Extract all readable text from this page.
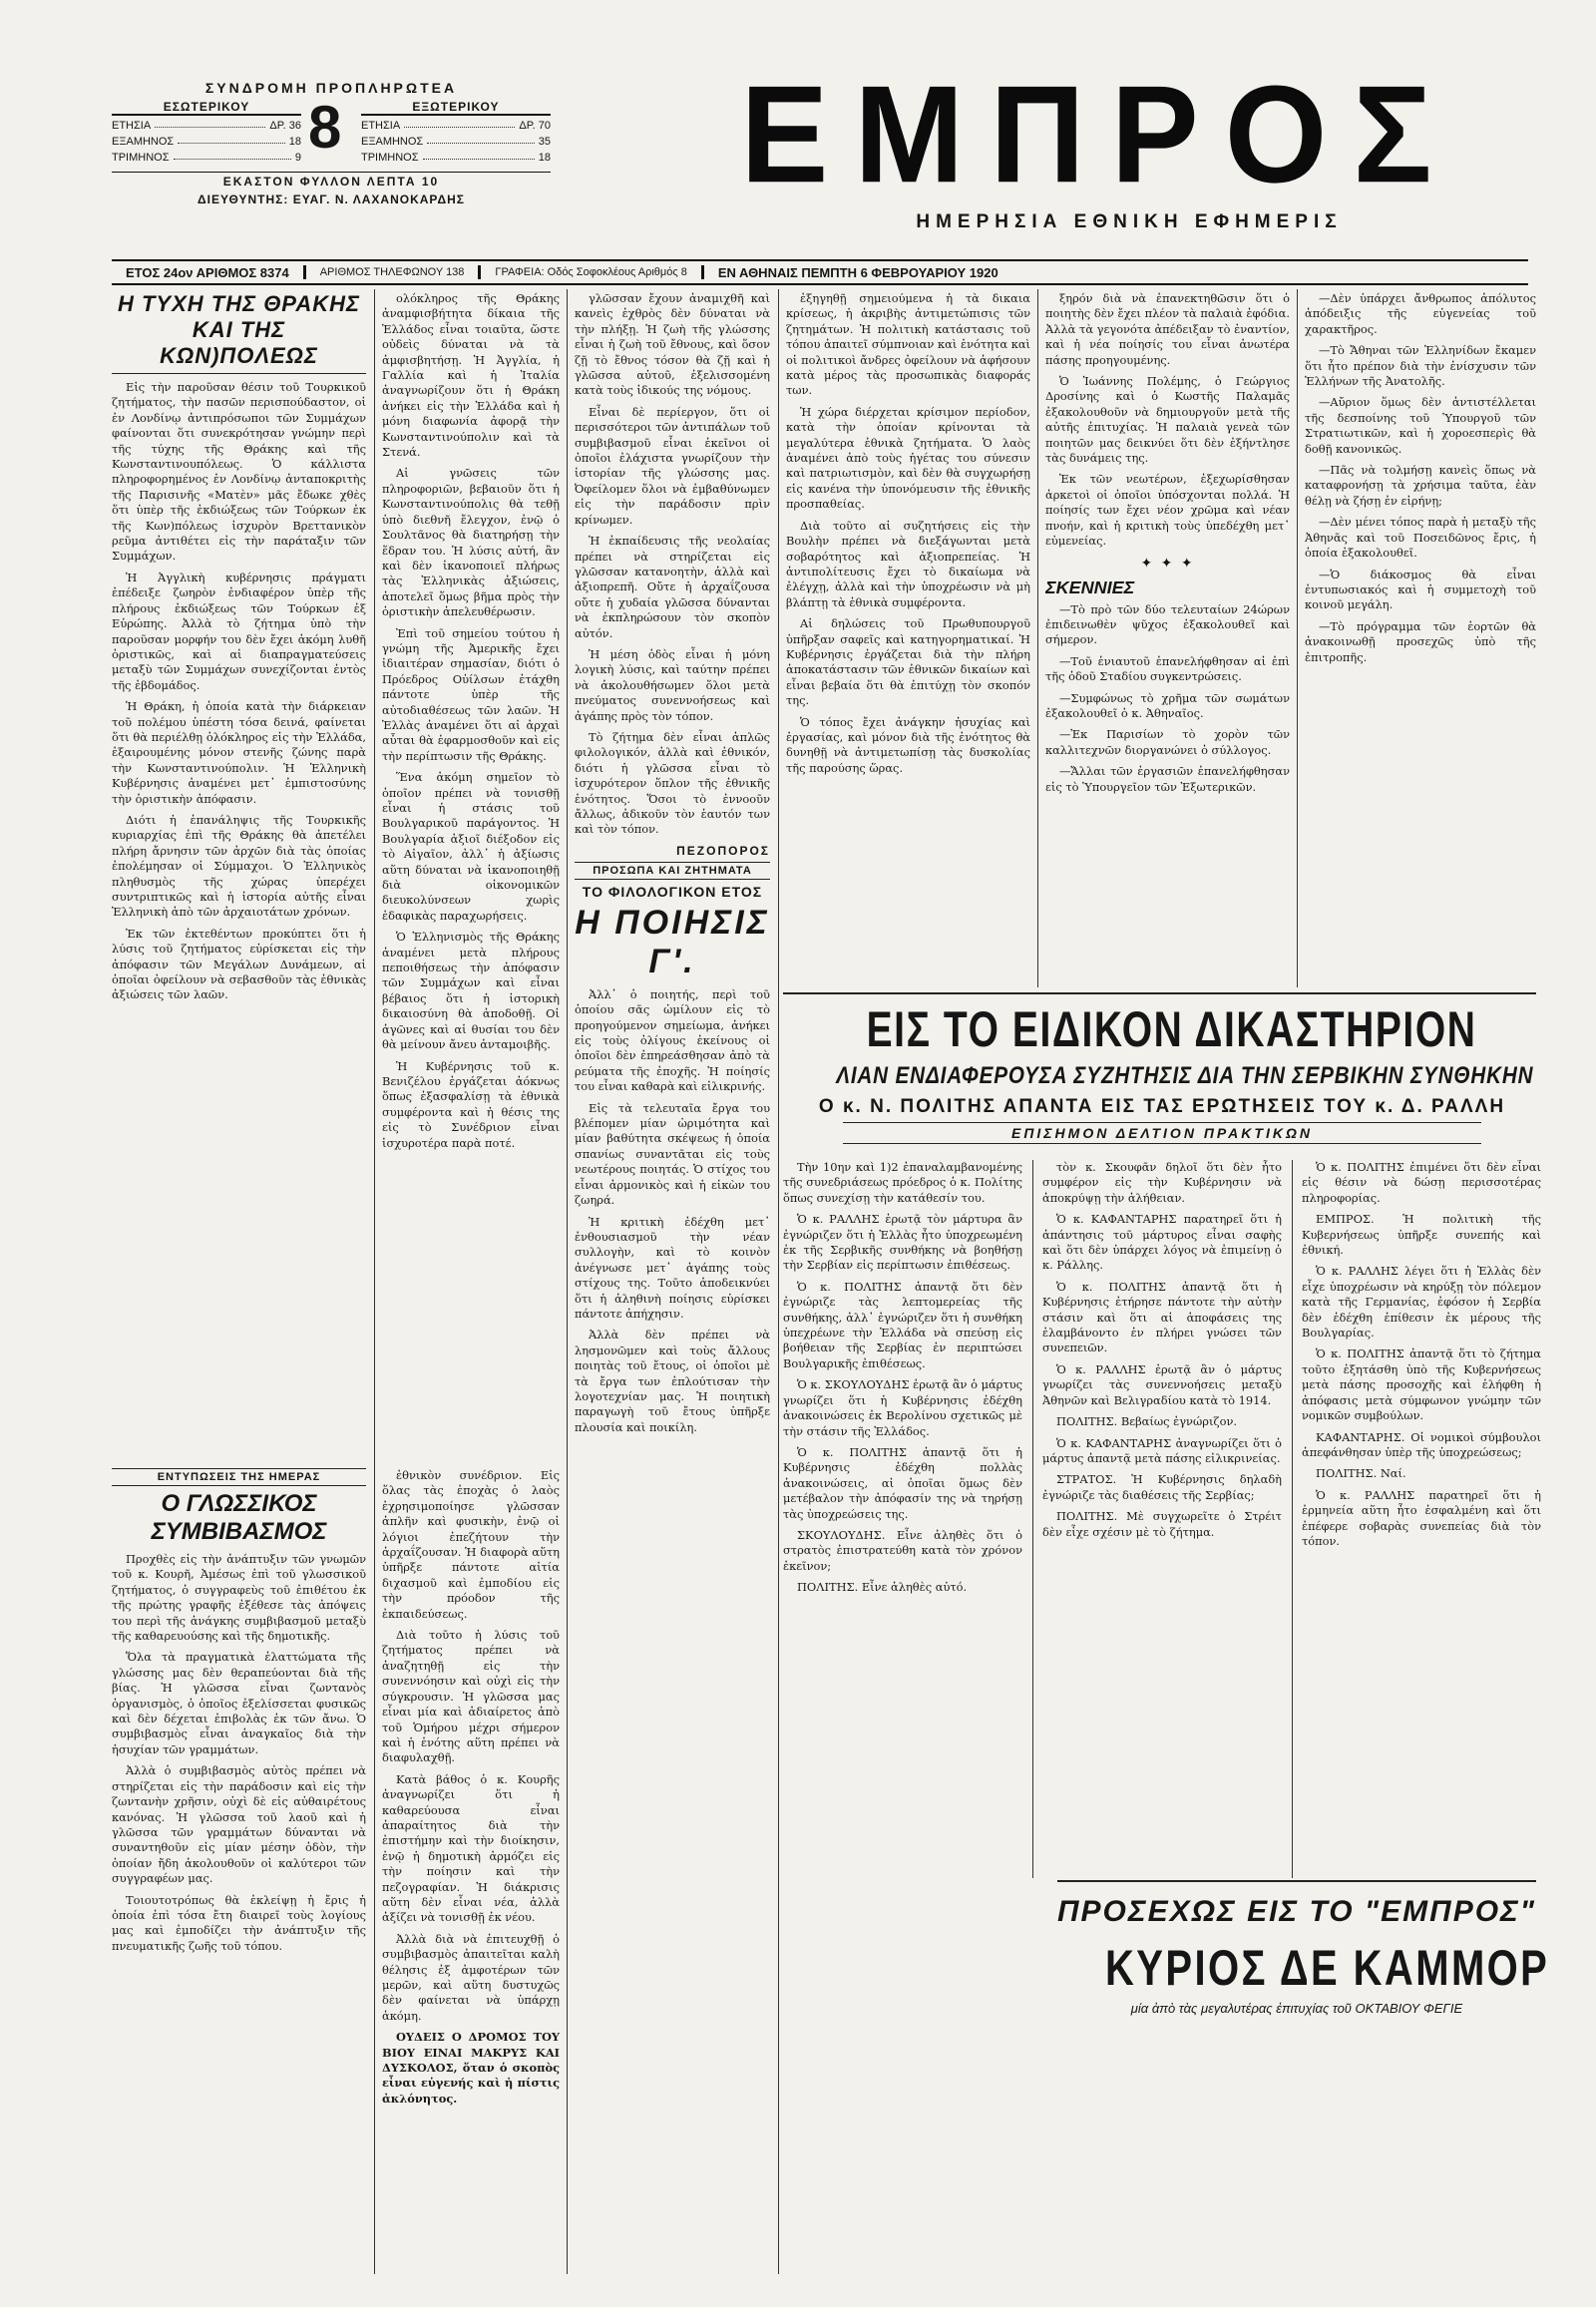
ΣΥΝΔΡΟΜΗ ΠΡΟΠΛΗΡΩΤΕΑ
ΕΣΩΤΕΡΙΚΟΥ
ΕΤΗΣΙΑ	ΔΡ. 36
ΕΞΑΜΗΝΟΣ	18
ΤΡΙΜΗΝΟΣ	9
ΕΞΩΤΕΡΙΚΟΥ
ΕΤΗΣΙΑ	ΔΡ. 70
ΕΞΑΜΗΝΟΣ	35
ΤΡΙΜΗΝΟΣ	18
8
ΕΚΑΣΤΟΝ ΦΥΛΛΟΝ ΛΕΠΤΑ 10
ΔΙΕΥΘΥΝΤΗΣ: ΕΥΑΓ. Ν. ΛΑΧΑΝΟΚΑΡΔΗΣ	ΕΜΠΡΟΣ
ΗΜΕΡΗΣΙΑ ΕΘΝΙΚΗ ΕΦΗΜΕΡΙΣ
ΕΤΟΣ 24ον ΑΡΙΘΜΟΣ 8374	ΑΡΙΘΜΟΣ ΤΗΛΕΦΩΝΟΥ 138	ΓΡΑΦΕΙΑ: Οδός Σοφοκλέους Αριθμός 8	ΕΝ ΑΘΗΝΑΙΣ ΠΕΜΠΤΗ 6 ΦΕΒΡΟΥΑΡΙΟΥ 1920
Η ΤΥΧΗ ΤΗΣ ΘΡΑΚΗΣ ΚΑΙ ΤΗΣ ΚΩΝ)ΠΟΛΕΩΣ

Εἰς τὴν παροῦσαν θέσιν τοῦ Τουρκικοῦ ζητήματος, τὴν πασῶν περισπούδαστον, οἱ ἐν Λονδίνῳ ἀντιπρόσωποι τῶν Συμμάχων φαίνονται ὅτι συνεκρότησαν γνώμην περὶ τῆς τύχης τῆς Θράκης καὶ τῆς Κωνσταντινουπόλεως. Ὁ κάλλιστα πληροφορημένος ἐν Λονδίνῳ ἀνταποκριτὴς τῆς Παρισινῆς «Ματὲν» μᾶς ἔδωκε χθὲς ὅτι ὑπὲρ τῆς ἐκδιώξεως τῶν Τούρκων ἐκ τῆς Κων)πόλεως ἰσχυρὸν Βρεττανικὸν ρεῦμα ἀντιθέτει εἰς τὴν παράταξιν τῶν Συμμάχων.

Ἡ Ἀγγλικὴ κυβέρνησις πράγματι ἐπέδειξε ζωηρὸν ἐνδιαφέρον ὑπὲρ τῆς πλήρους ἐκδιώξεως τῶν Τούρκων ἐξ Εὐρώπης. Ἀλλὰ τὸ ζήτημα ὑπὸ τὴν παροῦσαν μορφήν του δὲν ἔχει ἀκόμη λυθῆ ὁριστικῶς, καὶ αἱ διαπραγματεύσεις μεταξὺ τῶν Συμμάχων συνεχίζονται ἐντὸς τῆς ἑβδομάδος.

Ἡ Θράκη, ἡ ὁποία κατὰ τὴν διάρκειαν τοῦ πολέμου ὑπέστη τόσα δεινά, φαίνεται ὅτι θὰ περιέλθῃ ὁλόκληρος εἰς τὴν Ἑλλάδα, ἐξαιρουμένης μόνον στενῆς ζώνης παρὰ τὴν Κωνσταντινούπολιν. Ἡ Ἑλληνικὴ Κυβέρνησις ἀναμένει μετ᾽ ἐμπιστοσύνης τὴν ὁριστικὴν ἀπόφασιν.

Διότι ἡ ἐπανάληψις τῆς Τουρκικῆς κυριαρχίας ἐπὶ τῆς Θράκης θὰ ἀπετέλει πλήρη ἄρνησιν τῶν ἀρχῶν διὰ τὰς ὁποίας ἐπολέμησαν οἱ Σύμμαχοι. Ὁ Ἑλληνικὸς πληθυσμὸς τῆς χώρας ὑπερέχει συντριπτικῶς καὶ ἡ ἱστορία αὐτῆς εἶναι Ἑλληνικὴ ἀπὸ τῶν ἀρχαιοτάτων χρόνων.

Ἐκ τῶν ἐκτεθέντων προκύπτει ὅτι ἡ λύσις τοῦ ζητήματος εὑρίσκεται εἰς τὴν ἀπόφασιν τῶν Μεγάλων Δυνάμεων, αἱ ὁποῖαι ὀφείλουν νὰ σεβασθοῦν τὰς ἐθνικὰς ἀξιώσεις τῶν λαῶν.

ΕΝΤΥΠΩΣΕΙΣ ΤΗΣ ΗΜΕΡΑΣ
Ο ΓΛΩΣΣΙΚΟΣ ΣΥΜΒΙΒΑΣΜΟΣ

Προχθὲς εἰς τὴν ἀνάπτυξιν τῶν γνωμῶν τοῦ κ. Κουρῆ, Ἀμέσως ἐπὶ τοῦ γλωσσικοῦ ζητήματος, ὁ συγγραφεὺς τοῦ ἐπιθέτου ἐκ τῆς πρώτης γραφῆς ἐξέθεσε τὰς ἀπόψεις του περὶ τῆς ἀνάγκης συμβιβασμοῦ μεταξὺ τῆς καθαρευούσης καὶ τῆς δημοτικῆς.

Ὅλα τὰ πραγματικὰ ἐλαττώματα τῆς γλώσσης μας δὲν θεραπεύονται διὰ τῆς βίας. Ἡ γλῶσσα εἶναι ζωντανὸς ὀργανισμὸς, ὁ ὁποῖος ἐξελίσσεται φυσικῶς καὶ δὲν δέχεται ἐπιβολὰς ἐκ τῶν ἄνω. Ὁ συμβιβασμὸς εἶναι ἀναγκαῖος διὰ τὴν ἡσυχίαν τῶν γραμμάτων.

Ἀλλὰ ὁ συμβιβασμὸς αὐτὸς πρέπει νὰ στηρίζεται εἰς τὴν παράδοσιν καὶ εἰς τὴν ζωντανὴν χρῆσιν, οὐχὶ δὲ εἰς αὐθαιρέτους κανόνας. Ἡ γλῶσσα τοῦ λαοῦ καὶ ἡ γλῶσσα τῶν γραμμάτων δύνανται νὰ συναντηθοῦν εἰς μίαν μέσην ὁδὸν, τὴν ὁποίαν ἤδη ἀκολουθοῦν οἱ καλύτεροι τῶν συγγραφέων μας.

Τοιουτοτρόπως θὰ ἐκλείψῃ ἡ ἔρις ἡ ὁποία ἐπὶ τόσα ἔτη διαιρεῖ τοὺς λογίους μας καὶ ἐμποδίζει τὴν ἀνάπτυξιν τῆς πνευματικῆς ζωῆς τοῦ τόπου.

ολόκληρος τῆς Θράκης ἀναμφισβήτητα δίκαια τῆς Ἑλλάδος εἶναι τοιαῦτα, ὥστε οὐδεὶς δύναται νὰ τὰ ἀμφισβητήσῃ. Ἡ Ἀγγλία, ἡ Γαλλία καὶ ἡ Ἰταλία ἀναγνωρίζουν ὅτι ἡ Θράκη ἀνήκει εἰς τὴν Ἑλλάδα καὶ ἡ μόνη διαφωνία ἀφορᾷ τὴν Κωνσταντινούπολιν καὶ τὰ Στενά.

Αἱ γνῶσεις τῶν πληροφοριῶν, βεβαιοῦν ὅτι ἡ Κωνσταντινούπολις θὰ τεθῇ ὑπὸ διεθνῆ ἔλεγχον, ἐνῷ ὁ Σουλτᾶνος θὰ διατηρήσῃ τὴν ἕδραν του. Ἡ λύσις αὐτή, ἂν καὶ δὲν ἱκανοποιεῖ πλήρως τὰς Ἑλληνικὰς ἀξιώσεις, ἀποτελεῖ ὅμως βῆμα πρὸς τὴν ὁριστικὴν ἀπελευθέρωσιν.

Ἐπὶ τοῦ σημείου τούτου ἡ γνώμη τῆς Ἀμερικῆς ἔχει ἰδιαιτέραν σημασίαν, διότι ὁ Πρόεδρος Οὐίλσων ἐτάχθη πάντοτε ὑπὲρ τῆς αὐτοδιαθέσεως τῶν λαῶν. Ἡ Ἑλλὰς ἀναμένει ὅτι αἱ ἀρχαὶ αὗται θὰ ἐφαρμοσθοῦν καὶ εἰς τὴν περίπτωσιν τῆς Θράκης.

Ἕνα ἀκόμη σημεῖον τὸ ὁποῖον πρέπει νὰ τονισθῇ εἶναι ἡ στάσις τοῦ Βουλγαρικοῦ παράγοντος. Ἡ Βουλγαρία ἀξιοῖ διέξοδον εἰς τὸ Αἰγαῖον, ἀλλ᾽ ἡ ἀξίωσις αὕτη δύναται νὰ ἱκανοποιηθῇ διὰ οἰκονομικῶν διευκολύνσεων χωρὶς ἐδαφικὰς παραχωρήσεις.

Ὁ Ἑλληνισμὸς τῆς Θράκης ἀναμένει μετὰ πλήρους πεποιθήσεως τὴν ἀπόφασιν τῶν Συμμάχων καὶ εἶναι βέβαιος ὅτι ἡ ἱστορικὴ δικαιοσύνη θὰ ἀποδοθῇ. Οἱ ἀγῶνες καὶ αἱ θυσίαι του δὲν θὰ μείνουν ἄνευ ἀνταμοιβῆς.

Ἡ Κυβέρνησις τοῦ κ. Βενιζέλου ἐργάζεται ἀόκνως ὅπως ἐξασφαλίσῃ τὰ ἐθνικὰ συμφέροντα καὶ ἡ θέσις της εἰς τὸ Συνέδριον εἶναι ἰσχυροτέρα παρὰ ποτέ.

ἐθνικὸν συνέδριον. Εἰς ὅλας τὰς ἐποχὰς ὁ λαὸς ἐχρησιμοποίησε γλῶσσαν ἁπλῆν καὶ φυσικὴν, ἐνῷ οἱ λόγιοι ἐπεζήτουν τὴν ἀρχαΐζουσαν. Ἡ διαφορὰ αὕτη ὑπῆρξε πάντοτε αἰτία διχασμοῦ καὶ ἐμποδίου εἰς τὴν πρόοδον τῆς ἐκπαιδεύσεως.

Διὰ τοῦτο ἡ λύσις τοῦ ζητήματος πρέπει νὰ ἀναζητηθῇ εἰς τὴν συνεννόησιν καὶ οὐχὶ εἰς τὴν σύγκρουσιν. Ἡ γλῶσσα μας εἶναι μία καὶ ἀδιαίρετος ἀπὸ τοῦ Ὁμήρου μέχρι σήμερον καὶ ἡ ἑνότης αὕτη πρέπει νὰ διαφυλαχθῇ.

Κατὰ βάθος ὁ κ. Κουρῆς ἀναγνωρίζει ὅτι ἡ καθαρεύουσα εἶναι ἀπαραίτητος διὰ τὴν ἐπιστήμην καὶ τὴν διοίκησιν, ἐνῷ ἡ δημοτικὴ ἁρμόζει εἰς τὴν ποίησιν καὶ τὴν πεζογραφίαν. Ἡ διάκρισις αὕτη δὲν εἶναι νέα, ἀλλὰ ἀξίζει νὰ τονισθῇ ἐκ νέου.

Ἀλλὰ διὰ νὰ ἐπιτευχθῇ ὁ συμβιβασμὸς ἀπαιτεῖται καλὴ θέλησις ἐξ ἀμφοτέρων τῶν μερῶν, καὶ αὕτη δυστυχῶς δὲν φαίνεται νὰ ὑπάρχῃ ἀκόμη.

ΟΥΔΕΙΣ Ο ΔΡΟΜΟΣ ΤΟΥ ΒΙΟΥ ΕΙΝΑΙ ΜΑΚΡΥΣ ΚΑΙ ΔΥΣΚΟΛΟΣ, ὅταν ὁ σκοπὸς εἶναι εὐγενής καὶ ἡ πίστις ἀκλόνητος.

γλῶσσαν ἔχουν ἀναμιχθῆ καὶ κανεὶς ἐχθρὸς δὲν δύναται νὰ τὴν πλήξῃ. Ἡ ζωὴ τῆς γλώσσης εἶναι ἡ ζωὴ τοῦ ἔθνους, καὶ ὅσον ζῇ τὸ ἔθνος τόσον θὰ ζῇ καὶ ἡ γλῶσσα αὐτοῦ, ἐξελισσομένη κατὰ τοὺς ἰδικούς της νόμους.

Εἶναι δὲ περίεργον, ὅτι οἱ περισσότεροι τῶν ἀντιπάλων τοῦ συμβιβασμοῦ εἶναι ἐκεῖνοι οἱ ὁποῖοι ἐλάχιστα γνωρίζουν τὴν ἱστορίαν τῆς γλώσσης μας. Ὀφείλομεν ὅλοι νὰ ἐμβαθύνωμεν εἰς τὴν παράδοσιν πρὶν κρίνωμεν.

Ἡ ἐκπαίδευσις τῆς νεολαίας πρέπει νὰ στηρίζεται εἰς γλῶσσαν κατανοητὴν, ἀλλὰ καὶ ἀξιοπρεπῆ. Οὔτε ἡ ἀρχαΐζουσα οὔτε ἡ χυδαία γλῶσσα δύνανται νὰ ἐκπληρώσουν τὸν σκοπὸν αὐτόν.

Ἡ μέση ὁδὸς εἶναι ἡ μόνη λογικὴ λύσις, καὶ ταύτην πρέπει νὰ ἀκολουθήσωμεν ὅλοι μετὰ πνεύματος συνεννοήσεως καὶ ἀγάπης πρὸς τὸν τόπον.

Τὸ ζήτημα δὲν εἶναι ἁπλῶς φιλολογικόν, ἀλλὰ καὶ ἐθνικόν, διότι ἡ γλῶσσα εἶναι τὸ ἰσχυρότερον ὅπλον τῆς ἐθνικῆς ἑνότητος. Ὅσοι τὸ ἐννοοῦν ἄλλως, ἀδικοῦν τὸν ἑαυτόν των καὶ τὸν τόπον.

ΠΕΖΟΠΟΡΟΣ
ΠΡΟΣΩΠΑ ΚΑΙ ΖΗΤΗΜΑΤΑ
ΤΟ ΦΙΛΟΛΟΓΙΚΟΝ ΕΤΟΣ
Η ΠΟΙΗΣΙΣ Γ'.

Ἀλλ᾽ ὁ ποιητής, περὶ τοῦ ὁποίου σᾶς ὡμίλουν εἰς τὸ προηγούμενον σημείωμα, ἀνήκει εἰς τοὺς ὀλίγους ἐκείνους οἱ ὁποῖοι δὲν ἐπηρεάσθησαν ἀπὸ τὰ ρεύματα τῆς ἐποχῆς. Ἡ ποίησίς του εἶναι καθαρὰ καὶ εἰλικρινής.

Εἰς τὰ τελευταῖα ἔργα του βλέπομεν μίαν ὡριμότητα καὶ μίαν βαθύτητα σκέψεως ἡ ὁποία σπανίως συναντᾶται εἰς τοὺς νεωτέρους ποιητάς. Ὁ στίχος του εἶναι ἁρμονικὸς καὶ ἡ εἰκὼν του ζωηρά.

Ἡ κριτικὴ ἐδέχθη μετ᾽ ἐνθουσιασμοῦ τὴν νέαν συλλογὴν, καὶ τὸ κοινὸν ἀνέγνωσε μετ᾽ ἀγάπης τοὺς στίχους της. Τοῦτο ἀποδεικνύει ὅτι ἡ ἀληθινὴ ποίησις εὑρίσκει πάντοτε ἀπήχησιν.

Ἀλλὰ δὲν πρέπει νὰ λησμονῶμεν καὶ τοὺς ἄλλους ποιητὰς τοῦ ἔτους, οἱ ὁποῖοι μὲ τὰ ἔργα των ἐπλούτισαν τὴν λογοτεχνίαν μας. Ἡ ποιητικὴ παραγωγὴ τοῦ ἔτους ὑπῆρξε πλουσία καὶ ποικίλη.

ἐξηγηθῇ σημειούμενα ἡ τὰ δικαια κρίσεως, ἡ ἀκριβὴς ἀντιμετώπισις τῶν ζητημάτων. Ἡ πολιτικὴ κατάστασις τοῦ τόπου ἀπαιτεῖ σύμπνοιαν καὶ ἑνότητα καὶ οἱ πολιτικοὶ ἄνδρες ὀφείλουν νὰ ἀφήσουν κατὰ μέρος τὰς προσωπικὰς διαφοράς των.

Ἡ χώρα διέρχεται κρίσιμον περίοδον, κατὰ τὴν ὁποίαν κρίνονται τὰ μεγαλύτερα ἐθνικὰ ζητήματα. Ὁ λαὸς ἀναμένει ἀπὸ τοὺς ἡγέτας του σύνεσιν καὶ πατριωτισμὸν, καὶ δὲν θὰ συγχωρήσῃ εἰς κανένα τὴν ὑπονόμευσιν τῆς ἐθνικῆς προσπαθείας.

Διὰ τοῦτο αἱ συζητήσεις εἰς τὴν Βουλὴν πρέπει νὰ διεξάγωνται μετὰ σοβαρότητος καὶ ἀξιοπρεπείας. Ἡ ἀντιπολίτευσις ἔχει τὸ δικαίωμα νὰ ἐλέγχῃ, ἀλλὰ καὶ τὴν ὑποχρέωσιν νὰ μὴ βλάπτῃ τὰ ἐθνικὰ συμφέροντα.

Αἱ δηλώσεις τοῦ Πρωθυπουργοῦ ὑπῆρξαν σαφεῖς καὶ κατηγορηματικαί. Ἡ Κυβέρνησις ἐργάζεται διὰ τὴν πλήρη ἀποκατάστασιν τῶν ἐθνικῶν δικαίων καὶ εἶναι βεβαία ὅτι θὰ ἐπιτύχῃ τὸν σκοπόν της.

Ὁ τόπος ἔχει ἀνάγκην ἡσυχίας καὶ ἐργασίας, καὶ μόνον διὰ τῆς ἑνότητος θὰ δυνηθῇ νὰ ἀντιμετωπίσῃ τὰς δυσκολίας τῆς παρούσης ὥρας.

ξηρόν διὰ νὰ ἐπανεκτηθῶσιν ὅτι ὁ ποιητὴς δὲν ἔχει πλέον τὰ παλαιὰ ἐφόδια. Ἀλλὰ τὰ γεγονότα ἀπέδειξαν τὸ ἐναντίον, καὶ ἡ νέα ποίησίς του εἶναι ἀνωτέρα πάσης προηγουμένης.

Ὁ Ἰωάννης Πολέμης, ὁ Γεώργιος Δροσίνης καὶ ὁ Κωστῆς Παλαμᾶς ἐξακολουθοῦν νὰ δημιουργοῦν μετὰ τῆς αὐτῆς ἐπιτυχίας. Ἡ παλαιὰ γενεὰ τῶν ποιητῶν μας δεικνύει ὅτι δὲν ἐξήντλησε τὰς δυνάμεις της.

Ἐκ τῶν νεωτέρων, ἐξεχωρίσθησαν ἀρκετοὶ οἱ ὁποῖοι ὑπόσχονται πολλά. Ἡ ποίησίς των ἔχει νέον χρῶμα καὶ νέαν πνοήν, καὶ ἡ κριτικὴ τοὺς ὑπεδέχθη μετ᾽ εὐμενείας.

✦ ✦ ✦
ΣΚΕΝΝΙΕΣ

—Τὸ πρὸ τῶν δύο τελευταίων 24ώρων ἐπιδεινωθὲν ψῦχος ἐξακολουθεῖ καὶ σήμερον.

—Τοῦ ἐνιαυτοῦ ἐπανελήφθησαν αἱ ἐπὶ τῆς ὁδοῦ Σταδίου συγκεντρώσεις.

—Συμφώνως τὸ χρῆμα τῶν σωμάτων ἐξακολουθεῖ ὁ κ. Ἀθηναῖος.

—Ἐκ Παρισίων τὸ χορὸν τῶν καλλιτεχνῶν διοργανώνει ὁ σύλλογος.

—Ἄλλαι τῶν ἐργασιῶν ἐπανελήφθησαν εἰς τὸ Ὑπουργεῖον τῶν Ἐξωτερικῶν.

—Δὲν ὑπάρχει ἄνθρωπος ἀπόλυτος ἀπόδειξις τῆς εὐγενείας τοῦ χαρακτῆρος.

—Τὸ Ἄθηναι τῶν Ἑλληνίδων ἔκαμεν ὅτι ἦτο πρέπον διὰ τὴν ἐνίσχυσιν τῶν Ἑλλήνων τῆς Ἀνατολῆς.

—Αὔριον ὅμως δὲν ἀντιστέλλεται τῆς δεσποίνης τοῦ Ὑπουργοῦ τῶν Στρατιωτικῶν, καὶ ἡ χοροεσπερὶς θὰ δοθῇ κανονικῶς.

—Πᾶς νὰ τολμήσῃ κανεὶς ὅπως νὰ καταφρονήσῃ τὰ χρήσιμα ταῦτα, ἐὰν θέλῃ νὰ ζήσῃ ἐν εἰρήνῃ;

—Δὲν μένει τόπος παρὰ ἡ μεταξὺ τῆς Ἀθηνᾶς καὶ τοῦ Ποσειδῶνος ἔρις, ἡ ὁποία ἐξακολουθεῖ.

—Ὁ διάκοσμος θὰ εἶναι ἐντυπωσιακός καὶ ἡ συμμετοχὴ τοῦ κοινοῦ μεγάλη.

—Τὸ πρόγραμμα τῶν ἑορτῶν θὰ ἀνακοινωθῇ προσεχῶς ὑπὸ τῆς ἐπιτροπῆς.

ΕΙΣ ΤΟ ΕΙΔΙΚΟΝ ΔΙΚΑΣΤΗΡΙΟΝ
ΛΙΑΝ ΕΝΔΙΑΦΕΡΟΥΣΑ ΣΥΖΗΤΗΣΙΣ ΔΙΑ ΤΗΝ ΣΕΡΒΙΚΗΝ ΣΥΝΘΗΚΗΝ
Ο κ. Ν. ΠΟΛΙΤΗΣ ΑΠΑΝΤΑ ΕΙΣ ΤΑΣ ΕΡΩΤΗΣΕΙΣ ΤΟΥ κ. Δ. ΡΑΛΛΗ
ΕΠΙΣΗΜΟΝ ΔΕΛΤΙΟΝ ΠΡΑΚΤΙΚΩΝ

Τὴν 10ην καὶ 1)2 ἐπαναλαμβανομένης τῆς συνεδριάσεως πρόεδρος ὁ κ. Πολίτης ὅπως συνεχίσῃ τὴν κατάθεσίν του.

Ὁ κ. ΡΑΛΛΗΣ ἐρωτᾷ τὸν μάρτυρα ἂν ἐγνώριζεν ὅτι ἡ Ἑλλὰς ἦτο ὑποχρεωμένη ἐκ τῆς Σερβικῆς συνθήκης νὰ βοηθήσῃ τὴν Σερβίαν εἰς περίπτωσιν ἐπιθέσεως.

Ὁ κ. ΠΟΛΙΤΗΣ ἀπαντᾷ ὅτι δὲν ἐγνώριζε τὰς λεπτομερείας τῆς συνθήκης, ἀλλ᾽ ἐγνώριζεν ὅτι ἡ συνθήκη ὑπεχρέωνε τὴν Ἑλλάδα νὰ σπεύσῃ εἰς βοήθειαν τῆς Σερβίας ἐν περιπτώσει Βουλγαρικῆς ἐπιθέσεως.

Ὁ κ. ΣΚΟΥΛΟΥΔΗΣ ἐρωτᾷ ἂν ὁ μάρτυς γνωρίζει ὅτι ἡ Κυβέρνησις ἐδέχθη ἀνακοινώσεις ἐκ Βερολίνου σχετικῶς μὲ τὴν στάσιν τῆς Ἑλλάδος.

Ὁ κ. ΠΟΛΙΤΗΣ ἀπαντᾷ ὅτι ἡ Κυβέρνησις ἐδέχθη πολλὰς ἀνακοινώσεις, αἱ ὁποῖαι ὅμως δὲν μετέβαλον τὴν ἀπόφασίν της νὰ τηρήσῃ τὰς ὑποχρεώσεις της.

ΣΚΟΥΛΟΥΔΗΣ. Εἶνε ἀληθὲς ὅτι ὁ στρατὸς ἐπιστρατεύθη κατὰ τὸν χρόνον ἐκεῖνον;

ΠΟΛΙΤΗΣ. Εἶνε ἀληθὲς αὐτό.

τὸν κ. Σκουφᾶν δηλοῖ ὅτι δὲν ἦτο συμφέρον εἰς τὴν Κυβέρνησιν νὰ ἀποκρύψῃ τὴν ἀλήθειαν.

Ὁ κ. ΚΑΦΑΝΤΑΡΗΣ παρατηρεῖ ὅτι ἡ ἀπάντησις τοῦ μάρτυρος εἶναι σαφὴς καὶ ὅτι δὲν ὑπάρχει λόγος νὰ ἐπιμείνῃ ὁ κ. Ράλλης.

Ὁ κ. ΠΟΛΙΤΗΣ ἀπαντᾷ ὅτι ἡ Κυβέρνησις ἐτήρησε πάντοτε τὴν αὐτὴν στάσιν καὶ ὅτι αἱ ἀποφάσεις της ἐλαμβάνοντο ἐν πλήρει γνώσει τῶν συνεπειῶν.

Ὁ κ. ΡΑΛΛΗΣ ἐρωτᾷ ἂν ὁ μάρτυς γνωρίζει τὰς συνεννοήσεις μεταξὺ Ἀθηνῶν καὶ Βελιγραδίου κατὰ τὸ 1914.

ΠΟΛΙΤΗΣ. Βεβαίως ἐγνώριζον.

Ὁ κ. ΚΑΦΑΝΤΑΡΗΣ ἀναγνωρίζει ὅτι ὁ μάρτυς ἀπαντᾷ μετὰ πάσης εἰλικρινείας.

ΣΤΡΑΤΟΣ. Ἡ Κυβέρνησις δηλαδὴ ἐγνώριζε τὰς διαθέσεις τῆς Σερβίας;

ΠΟΛΙΤΗΣ. Μὲ συγχωρεῖτε ὁ Στρέιτ δὲν εἶχε σχέσιν μὲ τὸ ζήτημα.

Ὁ κ. ΠΟΛΙΤΗΣ ἐπιμένει ὅτι δὲν εἶναι εἰς θέσιν νὰ δώσῃ περισσοτέρας πληροφορίας.

ΕΜΠΡΟΣ. Ἡ πολιτικὴ τῆς Κυβερνήσεως ὑπῆρξε συνεπής καὶ ἐθνική.

Ὁ κ. ΡΑΛΛΗΣ λέγει ὅτι ἡ Ἑλλὰς δὲν εἶχε ὑποχρέωσιν νὰ κηρύξῃ τὸν πόλεμον κατὰ τῆς Γερμανίας, ἐφόσον ἡ Σερβία δὲν ἐδέχθη ἐπίθεσιν ἐκ μέρους τῆς Βουλγαρίας.

Ὁ κ. ΠΟΛΙΤΗΣ ἀπαντᾷ ὅτι τὸ ζήτημα τοῦτο ἐξητάσθη ὑπὸ τῆς Κυβερνήσεως μετὰ πάσης προσοχῆς καὶ ἐλήφθη ἡ ἀπόφασις μετὰ σύμφωνον γνώμην τῶν νομικῶν συμβούλων.

ΚΑΦΑΝΤΑΡΗΣ. Οἱ νομικοὶ σύμβουλοι ἀπεφάνθησαν ὑπὲρ τῆς ὑποχρεώσεως;

ΠΟΛΙΤΗΣ. Ναί.

Ὁ κ. ΡΑΛΛΗΣ παρατηρεῖ ὅτι ἡ ἑρμηνεία αὕτη ἦτο ἐσφαλμένη καὶ ὅτι ἐπέφερε σοβαρὰς συνεπείας διὰ τὸν τόπον.

ΠΡΟΣΕΧΩΣ ΕΙΣ ΤΟ "ΕΜΠΡΟΣ"
ΚΥΡΙΟΣ ΔΕ ΚΑΜΜΟΡ
μία ἀπὸ τὰς μεγαλυτέρας ἐπιτυχίας τοῦ ΟΚΤΑΒΙΟΥ ΦΕΓΙΕ
